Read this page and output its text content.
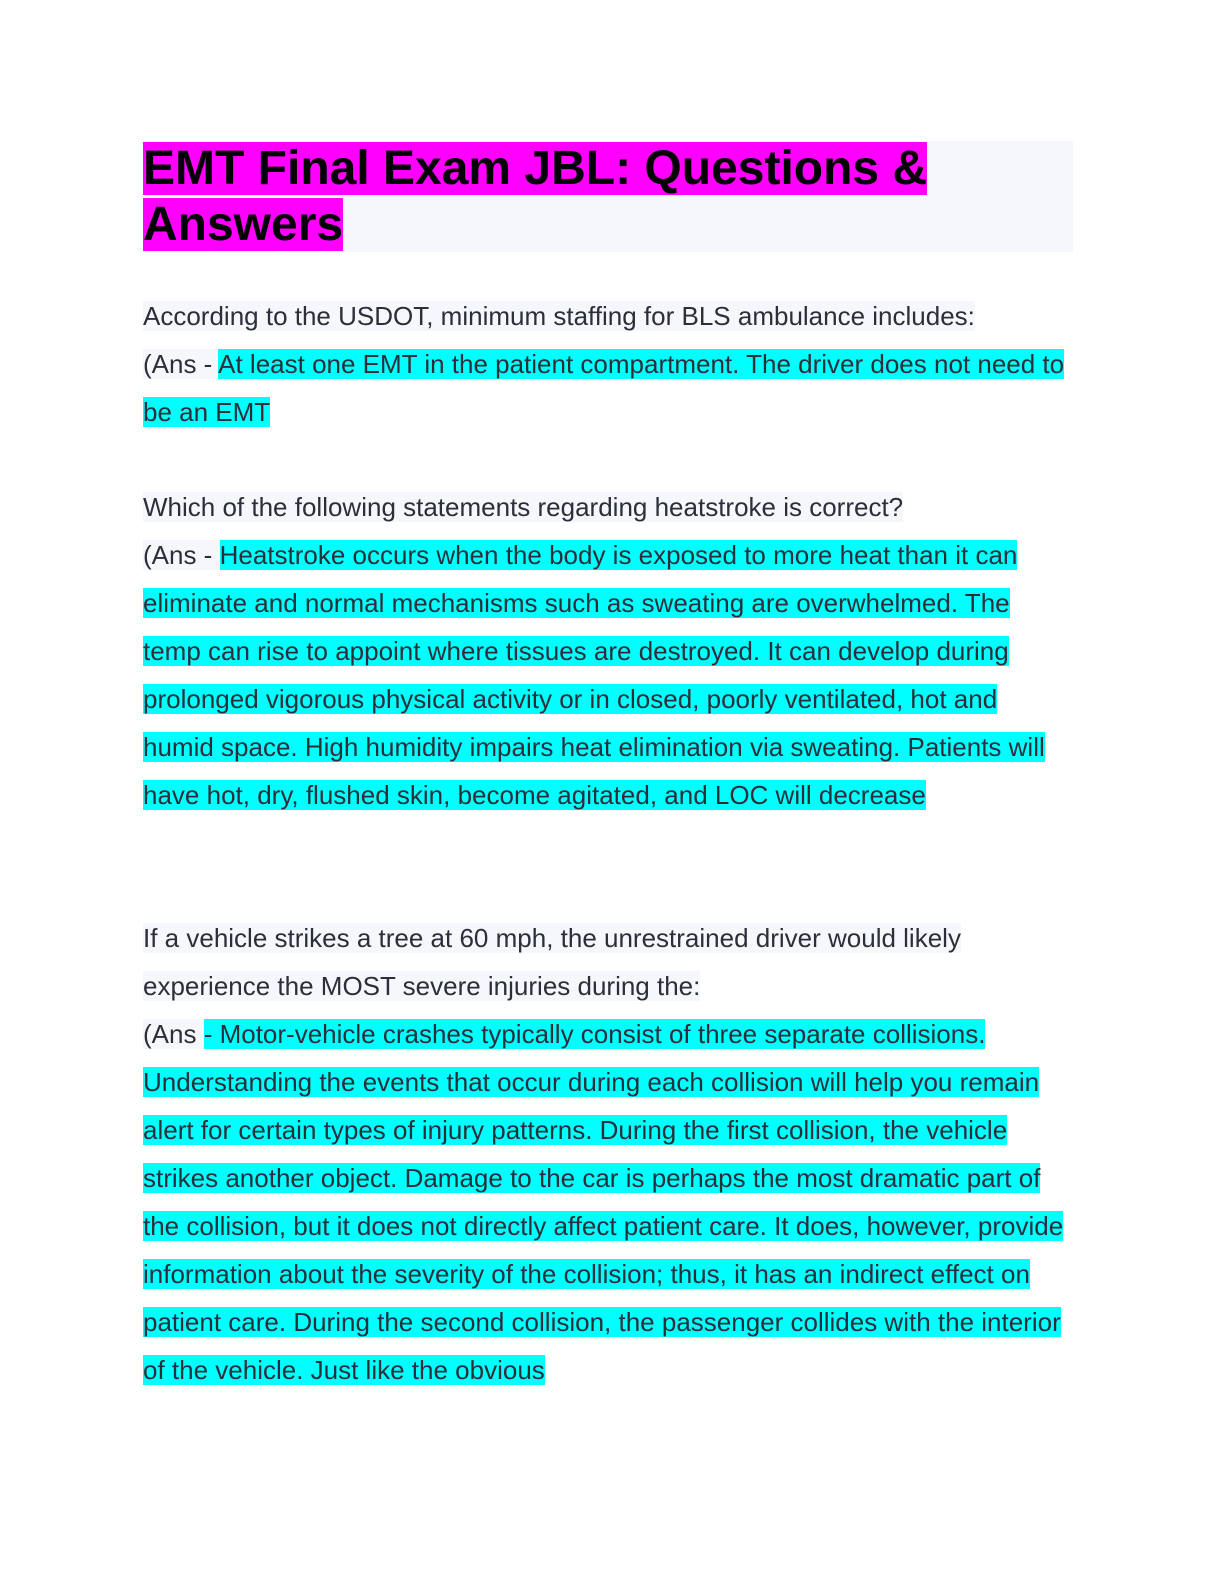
EMT Final Exam JBL: Questions & Answers

According to the USDOT, minimum staffing for BLS ambulance includes:
(Ans - At least one EMT in the patient compartment. The driver does not need to be an EMT

Which of the following statements regarding heatstroke is correct?
(Ans - Heatstroke occurs when the body is exposed to more heat than it can eliminate and normal mechanisms such as sweating are overwhelmed. The temp can rise to appoint where tissues are destroyed. It can develop during prolonged vigorous physical activity or in closed, poorly ventilated, hot and humid space. High humidity impairs heat elimination via sweating. Patients will have hot, dry, flushed skin, become agitated, and LOC will decrease

If a vehicle strikes a tree at 60 mph, the unrestrained driver would likely experience the MOST severe injuries during the:
(Ans - Motor-vehicle crashes typically consist of three separate collisions. Understanding the events that occur during each collision will help you remain alert for certain types of injury patterns. During the first collision, the vehicle strikes another object. Damage to the car is perhaps the most dramatic part of the collision, but it does not directly affect patient care. It does, however, provide information about the severity of the collision; thus, it has an indirect effect on patient care. During the second collision, the passenger collides with the interior of the vehicle. Just like the obvious
